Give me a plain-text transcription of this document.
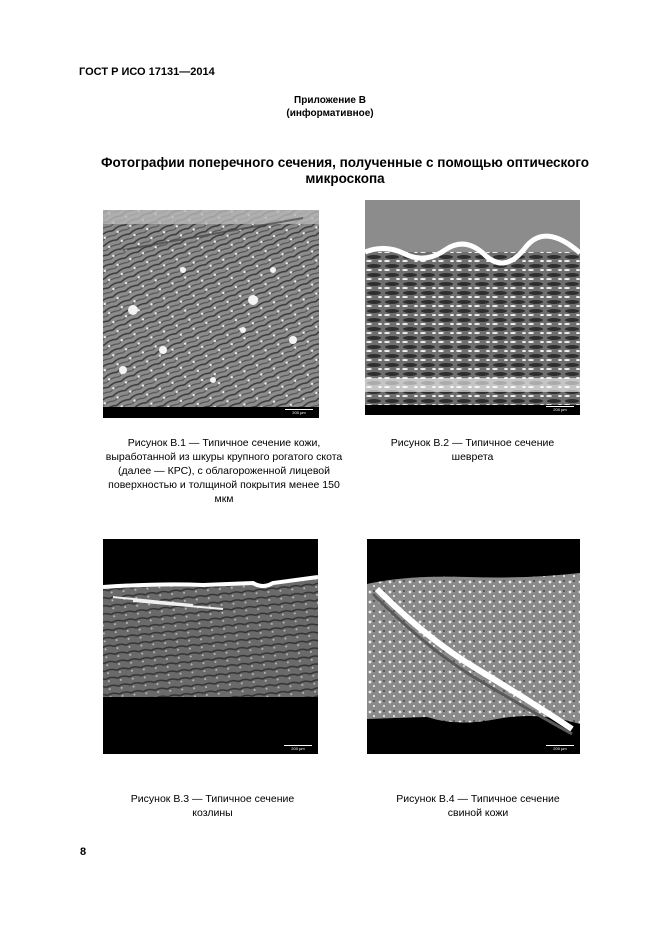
ГОСТ Р ИСО 17131—2014
Приложение В
(информативное)
Фотографии поперечного сечения, полученные с помощью оптического микроскопа
200 µm
200 µm
Рисунок В.1 — Типичное сечение кожи, выработанной из шкуры крупного рогатого скота (далее — КРС), с облагороженной лицевой поверхностью и толщиной покрытия менее 150 мкм
Рисунок В.2 — Типичное сечение шеврета
200 µm	200 µm
Рисунок В.3 — Типичное сечение козлины
Рисунок В.4 — Типичное сечение свиной кожи
8
